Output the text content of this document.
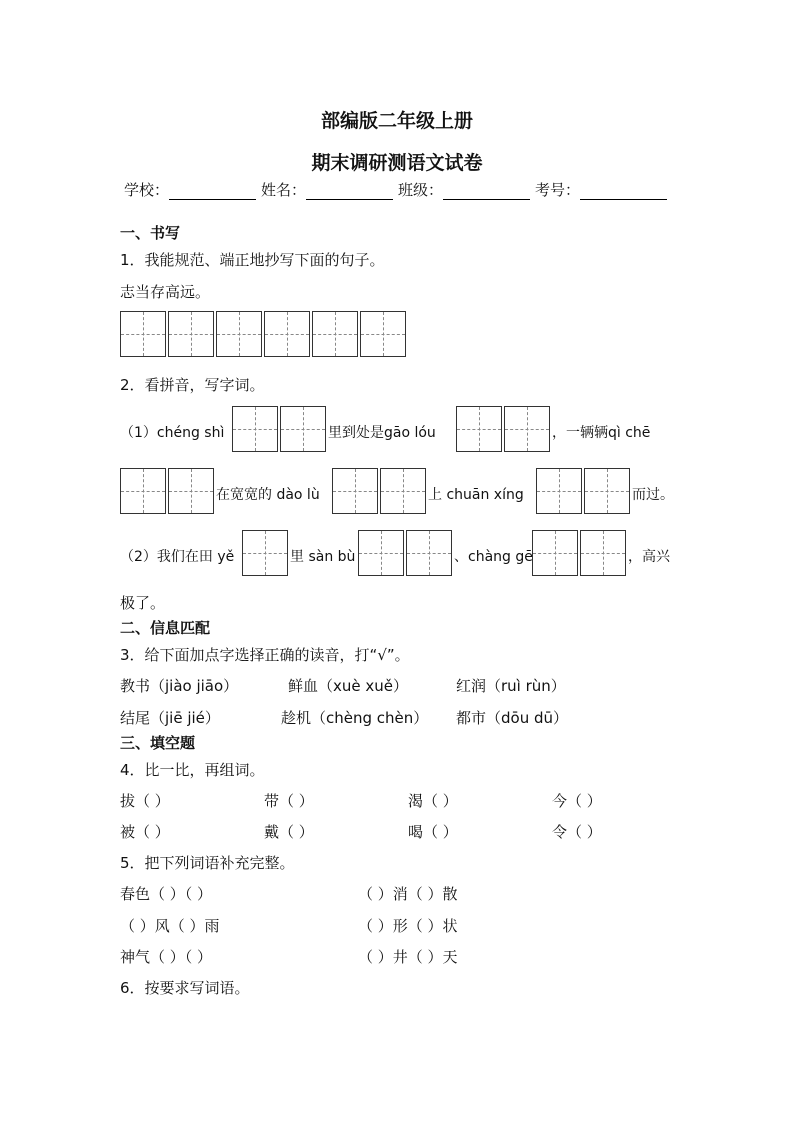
部编版二年级上册
期末调研测语文试卷
学校：	姓名：	班级：	考号：
一、书写
1．我能规范、端正地抄写下面的句子。
志当存高远。
2．看拼音，写字词。
（1）chéng shì	里到处是gāo lóu	，一辆辆qì chē
在宽宽的 dào lù	上 chuān xíng	而过。
（2）我们在田 yě	里 sàn bù	、chàng gē	，高兴
极了。
二、信息匹配
3．给下面加点字选择正确的读音，打“√”。
教书（jiào jiāo）	鲜血（xuè xuě）	红润（ruì rùn）
结尾（jiē jié）	趁机（chèng chèn） 都市（dōu dū）
三、填空题
4．比一比，再组词。
拔（ ）	带（ ）	渴（ ）	今（ ）
被（ ）	戴（ ）	喝（ ）	令（ ）
5．把下列词语补充完整。
春色（ ）（ ）	（ ）消（ ）散
（ ）风（ ）雨	（ ）形（ ）状
神气（ ）（ ）	（ ）井（ ）天
6．按要求写词语。
